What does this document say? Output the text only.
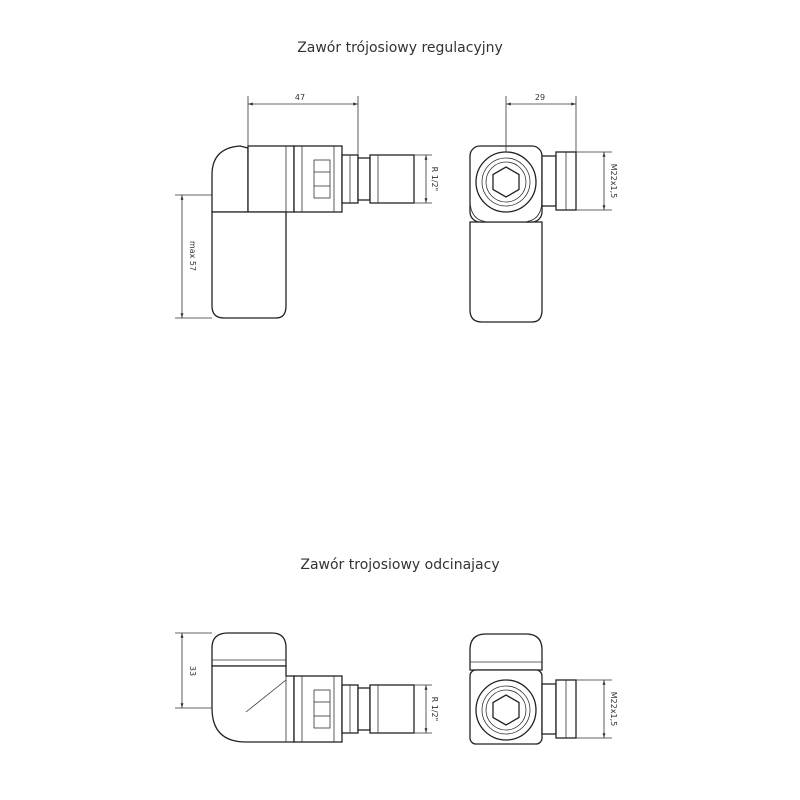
Zawór trójosiowy regulacyjny
Zawór trojosiowy odcinajacy
47
max 57
R 1/2"
29
M22x1,5
33
R 1/2"	M22x1,5
